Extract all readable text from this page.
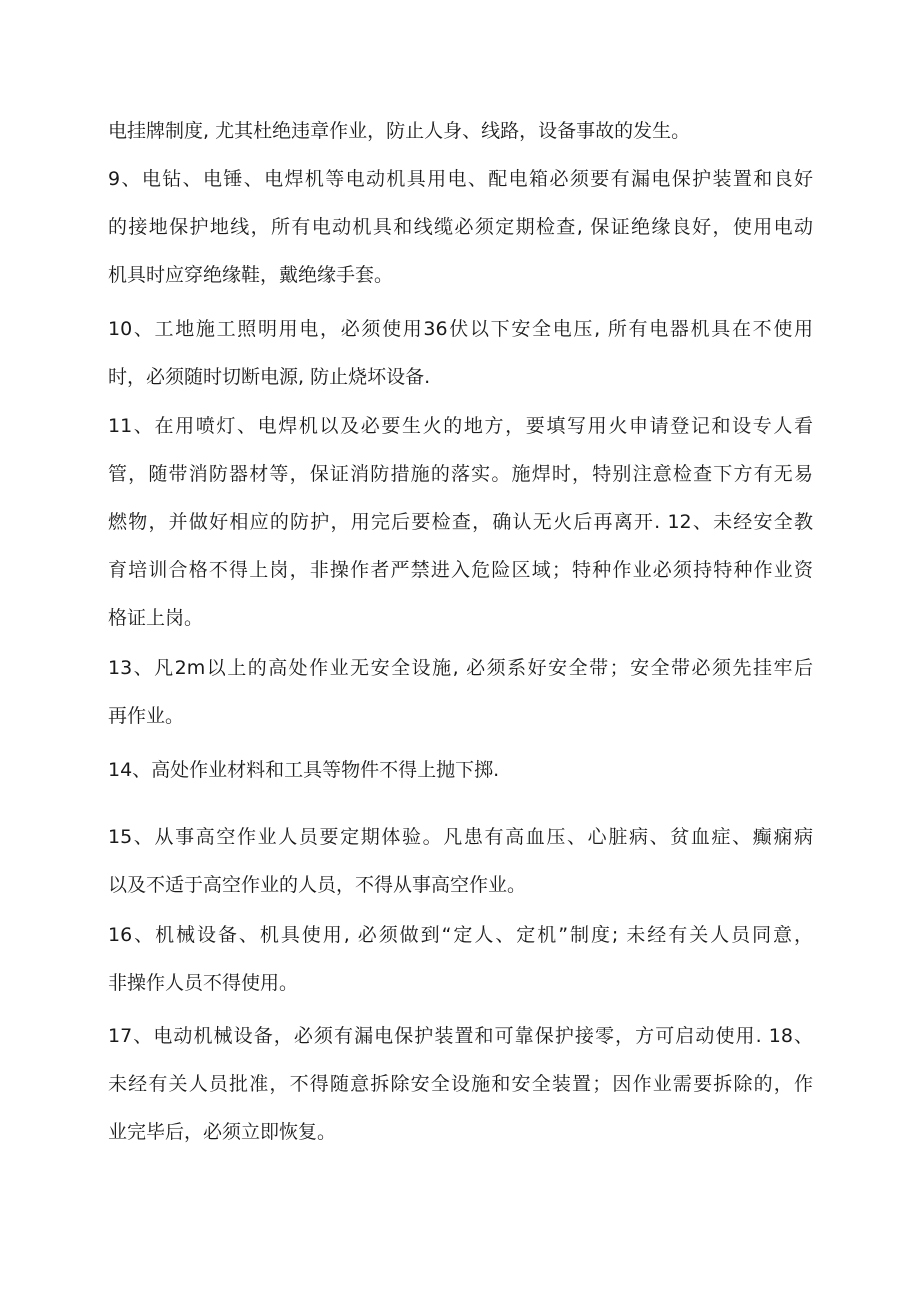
电挂牌制度, 尤其杜绝违章作业，防止人身、线路，设备事故的发生。

9、电钻、电锤、电焊机等电动机具用电、配电箱必须要有漏电保护装置和良好

的接地保护地线，所有电动机具和线缆必须定期检查, 保证绝缘良好，使用电动

机具时应穿绝缘鞋，戴绝缘手套。

10、工地施工照明用电，必须使用36伏以下安全电压, 所有电器机具在不使用

时，必须随时切断电源, 防止烧坏设备.

11、在用喷灯、电焊机以及必要生火的地方，要填写用火申请登记和设专人看

管，随带消防器材等，保证消防措施的落实。施焊时，特别注意检查下方有无易

燃物，并做好相应的防护，用完后要检查，确认无火后再离开. 12、未经安全教

育培训合格不得上岗，非操作者严禁进入危险区域；特种作业必须持特种作业资

格证上岗。

13、凡2m以上的高处作业无安全设施, 必须系好安全带；安全带必须先挂牢后

再作业。

14、高处作业材料和工具等物件不得上抛下掷.

15、从事高空作业人员要定期体验。凡患有高血压、心脏病、贫血症、癫痫病

以及不适于高空作业的人员，不得从事高空作业。

16、机械设备、机具使用, 必须做到“定人、定机”制度; 未经有关人员同意，

非操作人员不得使用。

17、电动机械设备，必须有漏电保护装置和可靠保护接零，方可启动使用. 18、

未经有关人员批准，不得随意拆除安全设施和安全装置；因作业需要拆除的，作

业完毕后，必须立即恢复。
